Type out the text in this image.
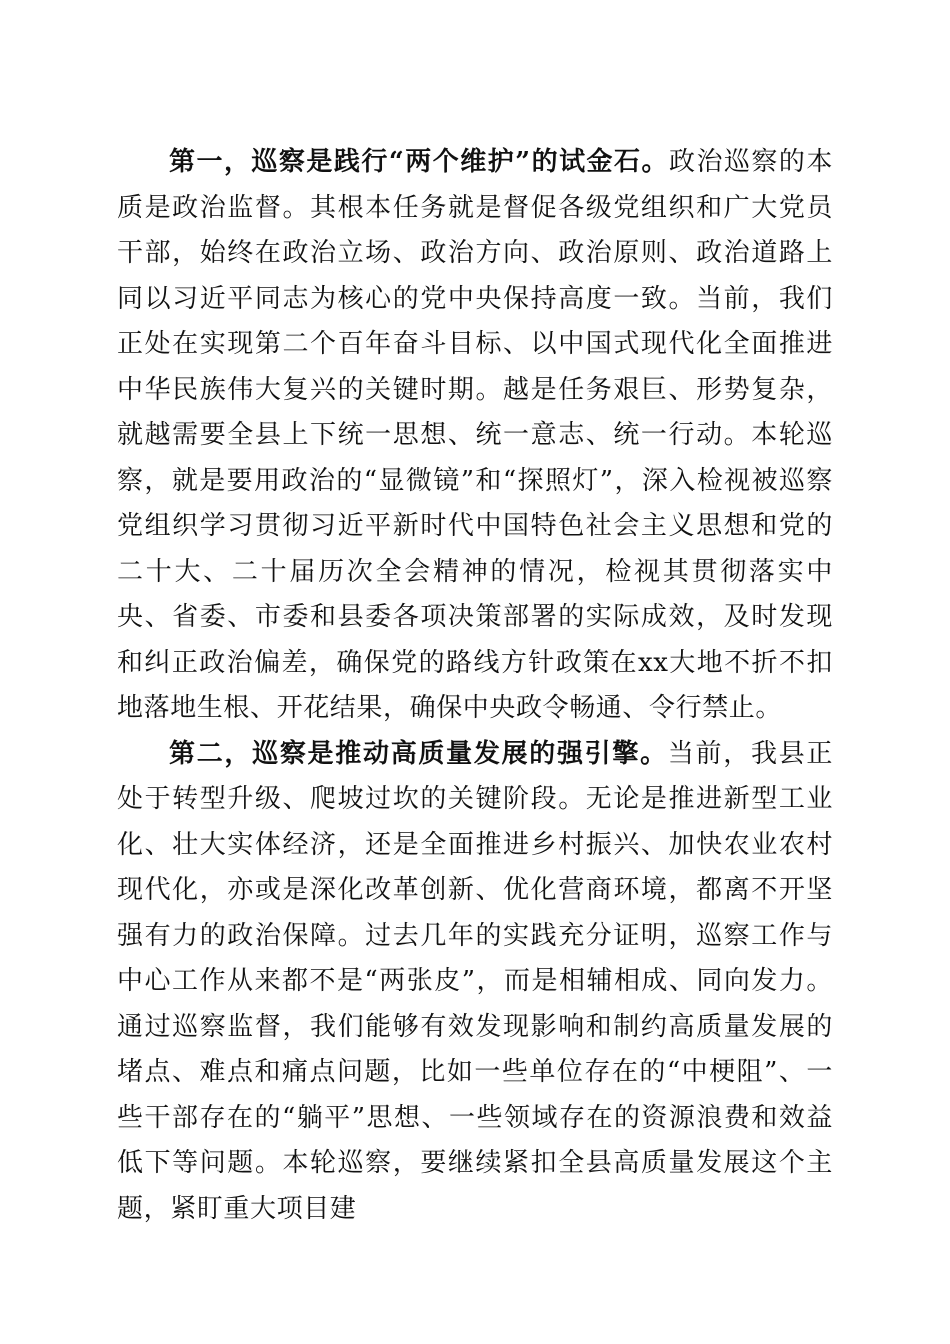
第一，巡察是践行“两个维护”的试金石。政治巡察的本质是政治监督。其根本任务就是督促各级党组织和广大党员干部，始终在政治立场、政治方向、政治原则、政治道路上同以习近平同志为核心的党中央保持高度一致。当前，我们正处在实现第二个百年奋斗目标、以中国式现代化全面推进中华民族伟大复兴的关键时期。越是任务艰巨、形势复杂，就越需要全县上下统一思想、统一意志、统一行动。本轮巡察，就是要用政治的“显微镜”和“探照灯”，深入检视被巡察党组织学习贯彻习近平新时代中国特色社会主义思想和党的二十大、二十届历次全会精神的情况，检视其贯彻落实中央、省委、市委和县委各项决策部署的实际成效，及时发现和纠正政治偏差，确保党的路线方针政策在xx大地不折不扣地落地生根、开花结果，确保中央政令畅通、令行禁止。

第二，巡察是推动高质量发展的强引擎。当前，我县正处于转型升级、爬坡过坎的关键阶段。无论是推进新型工业化、壮大实体经济，还是全面推进乡村振兴、加快农业农村现代化，亦或是深化改革创新、优化营商环境，都离不开坚强有力的政治保障。过去几年的实践充分证明，巡察工作与中心工作从来都不是“两张皮”，而是相辅相成、同向发力。通过巡察监督，我们能够有效发现影响和制约高质量发展的堵点、难点和痛点问题，比如一些单位存在的“中梗阻”、一些干部存在的“躺平”思想、一些领域存在的资源浪费和效益低下等问题。本轮巡察，要继续紧扣全县高质量发展这个主题，紧盯重大项目建
